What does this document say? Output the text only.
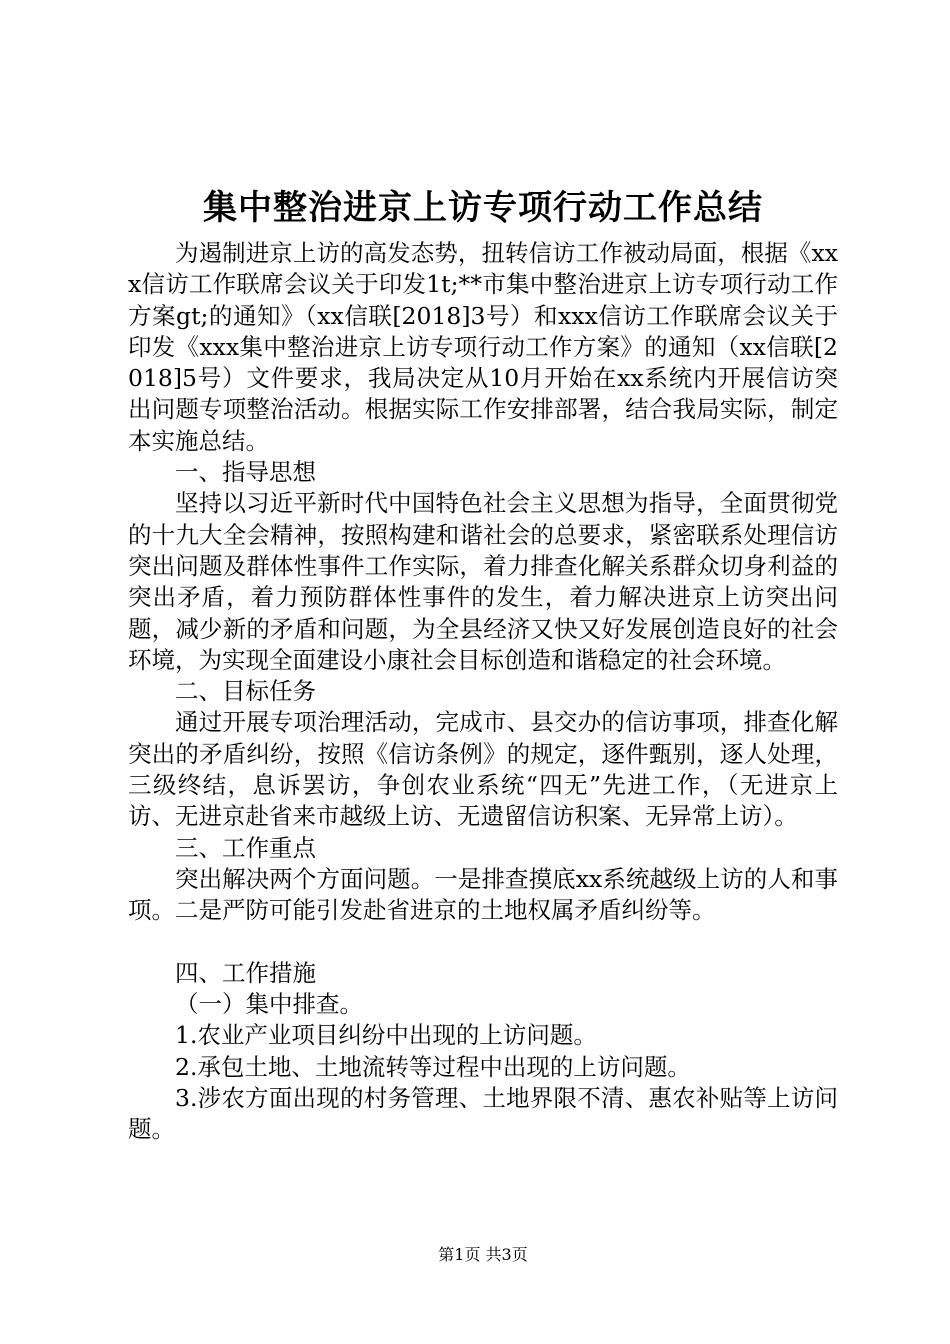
集中整治进京上访专项行动工作总结

为遏制进京上访的高发态势，扭转信访工作被动局面，根据《xxx信访工作联席会议关于印发1t;**市集中整治进京上访专项行动工作方案gt;的通知》（xx信联[2018]3号）和xxx信访工作联席会议关于印发《xxx集中整治进京上访专项行动工作方案》的通知（xx信联[2018]5号）文件要求，我局决定从10月开始在xx系统内开展信访突出问题专项整治活动。根据实际工作安排部署，结合我局实际，制定本实施总结。

一、指导思想

坚持以习近平新时代中国特色社会主义思想为指导，全面贯彻党的十九大全会精神，按照构建和谐社会的总要求，紧密联系处理信访突出问题及群体性事件工作实际，着力排查化解关系群众切身利益的突出矛盾，着力预防群体性事件的发生，着力解决进京上访突出问题，减少新的矛盾和问题，为全县经济又快又好发展创造良好的社会环境，为实现全面建设小康社会目标创造和谐稳定的社会环境。

二、目标任务

通过开展专项治理活动，完成市、县交办的信访事项，排查化解突出的矛盾纠纷，按照《信访条例》的规定，逐件甄别，逐人处理，三级终结，息诉罢访，争创农业系统“四无”先进工作，（无进京上访、无进京赴省来市越级上访、无遗留信访积案、无异常上访）。

三、工作重点

突出解决两个方面问题。一是排查摸底xx系统越级上访的人和事项。二是严防可能引发赴省进京的土地权属矛盾纠纷等。

四、工作措施

（一）集中排查。

1.农业产业项目纠纷中出现的上访问题。

2.承包土地、土地流转等过程中出现的上访问题。

3.涉农方面出现的村务管理、土地界限不清、惠农补贴等上访问题。

第1页 共3页
